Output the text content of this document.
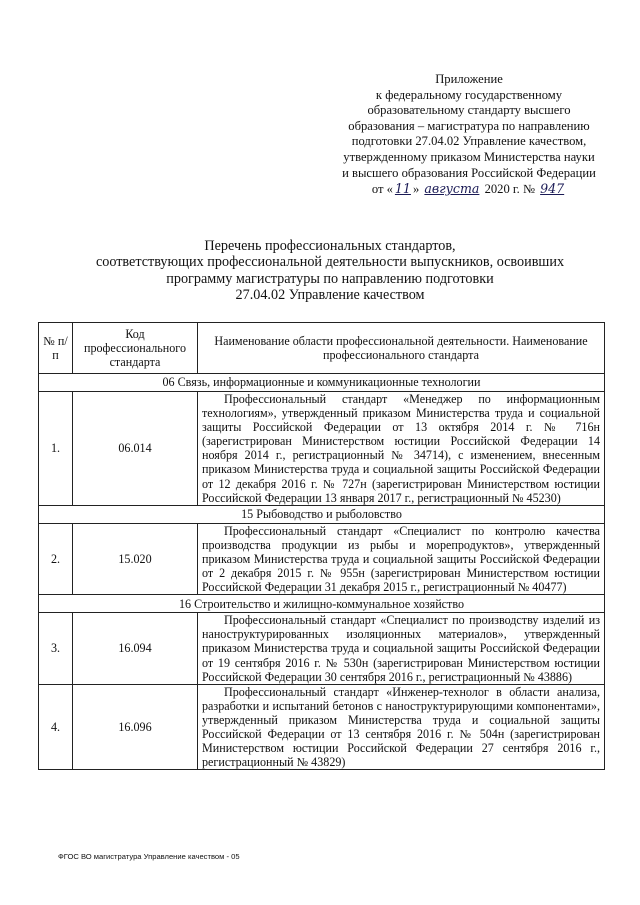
Приложение
к федеральному государственному
образовательному стандарту высшего
образования – магистратура по направлению
подготовки 27.04.02 Управление качеством,
утвержденному приказом Министерства науки
и высшего образования Российской Федерации
от « 11 » августа 2020 г. № 947
Перечень профессиональных стандартов,
соответствующих профессиональной деятельности выпускников, освоивших
программу магистратуры по направлению подготовки
27.04.02 Управление качеством
№ п/п	Код профессионального стандарта	Наименование области профессиональной деятельности. Наименование профессионального стандарта
06 Связь, информационные и коммуникационные технологии		
1.	06.014	Профессиональный стандарт «Менеджер по информационным технологиям», утвержденный приказом Министерства труда и социальной защиты Российской Федерации от 13 октября 2014 г. № 716н (зарегистрирован Министерством юстиции Российской Федерации 14 ноября 2014 г., регистрационный № 34714), с изменением, внесенным приказом Министерства труда и социальной защиты Российской Федерации от 12 декабря 2016 г. № 727н (зарегистрирован Министерством юстиции Российской Федерации 13 января 2017 г., регистрационный № 45230)
15 Рыбоводство и рыболовство		
2.	15.020	Профессиональный стандарт «Специалист по контролю качества производства продукции из рыбы и морепродуктов», утвержденный приказом Министерства труда и социальной защиты Российской Федерации от 2 декабря 2015 г. № 955н (зарегистрирован Министерством юстиции Российской Федерации 31 декабря 2015 г., регистрационный № 40477)
16 Строительство и жилищно-коммунальное хозяйство		
3.	16.094	Профессиональный стандарт «Специалист по производству изделий из наноструктурированных изоляционных материалов», утвержденный приказом Министерства труда и социальной защиты Российской Федерации от 19 сентября 2016 г. № 530н (зарегистрирован Министерством юстиции Российской Федерации 30 сентября 2016 г., регистрационный № 43886)
4.	16.096	Профессиональный стандарт «Инженер-технолог в области анализа, разработки и испытаний бетонов с наноструктурирующими компонентами», утвержденный приказом Министерства труда и социальной защиты Российской Федерации от 13 сентября 2016 г. № 504н (зарегистрирован Министерством юстиции Российской Федерации 27 сентября 2016 г., регистрационный № 43829)
ФГОС ВО магистратура Управление качеством - 05
